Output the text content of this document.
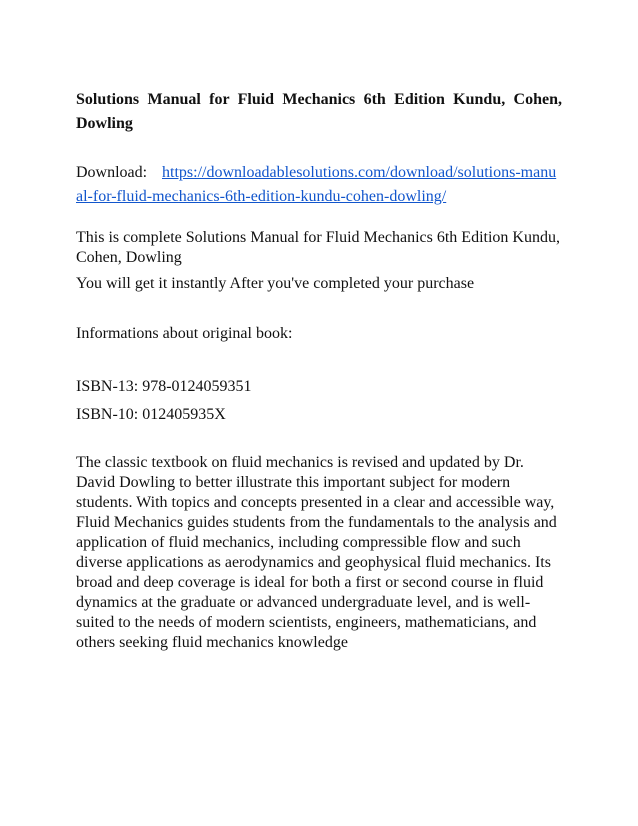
Solutions Manual for Fluid Mechanics 6th Edition Kundu, Cohen, Dowling
Download: https://downloadablesolutions.com/download/solutions-manual-for-fluid-mechanics-6th-edition-kundu-cohen-dowling/

This is complete Solutions Manual for Fluid Mechanics 6th Edition Kundu, Cohen, Dowling

You will get it instantly After you've completed your purchase

Informations about original book:

ISBN-13: 978-0124059351

ISBN-10: 012405935X

The classic textbook on fluid mechanics is revised and updated by Dr. David Dowling to better illustrate this important subject for modern students. With topics and concepts presented in a clear and accessible way, Fluid Mechanics guides students from the fundamentals to the analysis and application of fluid mechanics, including compressible flow and such diverse applications as aerodynamics and geophysical fluid mechanics. Its broad and deep coverage is ideal for both a first or second course in fluid dynamics at the graduate or advanced undergraduate level, and is well-suited to the needs of modern scientists, engineers, mathematicians, and others seeking fluid mechanics knowledge
